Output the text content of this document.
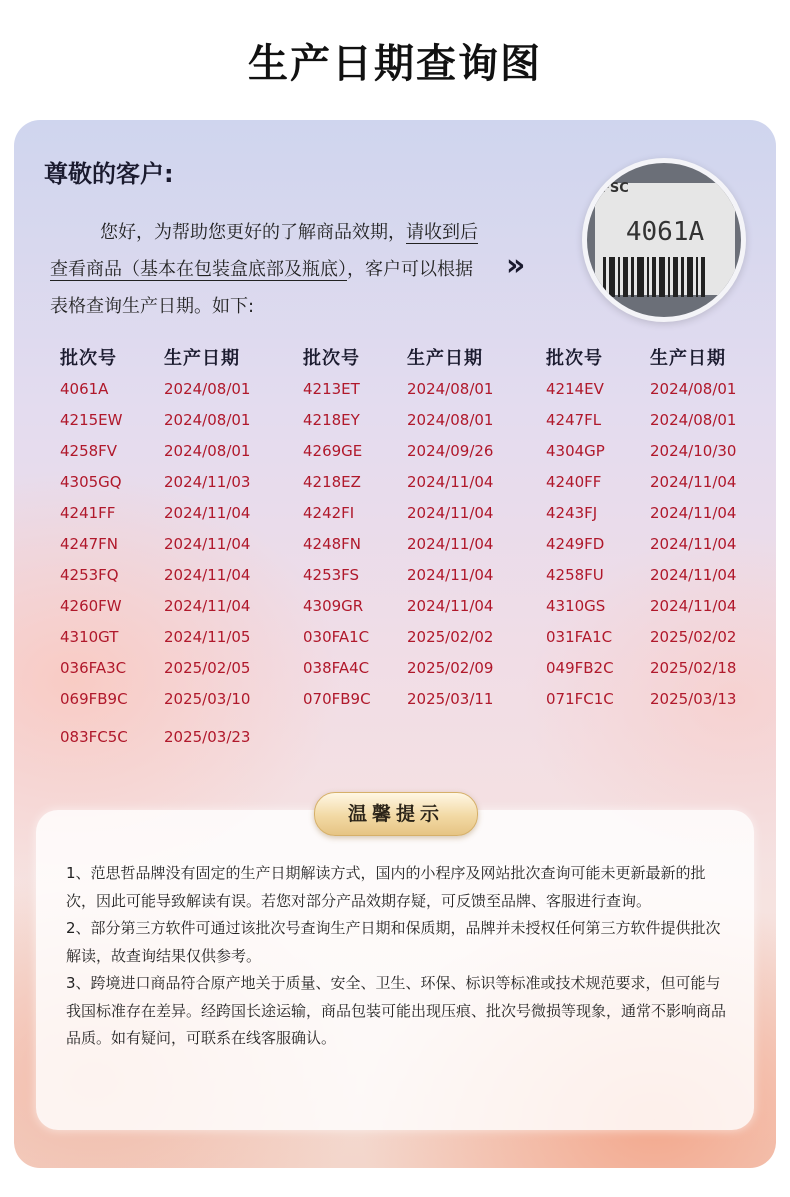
生产日期查询图
尊敬的客户:
您好，为帮助您更好的了解商品效期，请收到后查看商品（基本在包装盒底部及瓶底），客户可以根据表格查询生产日期。如下:
»
FSC
4061A
批次号
4061A
4215EW
4258FV
4305GQ
4241FF
4247FN
4253FQ
4260FW
4310GT
036FA3C
069FB9C
083FC5C
生产日期
2024/08/01
2024/08/01
2024/08/01
2024/11/03
2024/11/04
2024/11/04
2024/11/04
2024/11/04
2024/11/05
2025/02/05
2025/03/10
2025/03/23
批次号
4213ET
4218EY
4269GE
4218EZ
4242FI
4248FN
4253FS
4309GR
030FA1C
038FA4C
070FB9C
生产日期
2024/08/01
2024/08/01
2024/09/26
2024/11/04
2024/11/04
2024/11/04
2024/11/04
2024/11/04
2025/02/02
2025/02/09
2025/03/11
批次号
4214EV
4247FL
4304GP
4240FF
4243FJ
4249FD
4258FU
4310GS
031FA1C
049FB2C
071FC1C
生产日期
2024/08/01
2024/08/01
2024/10/30
2024/11/04
2024/11/04
2024/11/04
2024/11/04
2024/11/04
2025/02/02
2025/02/18
2025/03/13
温馨提示

1、范思哲品牌没有固定的生产日期解读方式，国内的小程序及网站批次查询可能未更新最新的批次，因此可能导致解读有误。若您对部分产品效期存疑，可反馈至品牌、客服进行查询。

2、部分第三方软件可通过该批次号查询生产日期和保质期，品牌并未授权任何第三方软件提供批次解读，故查询结果仅供参考。

3、跨境进口商品符合原产地关于质量、安全、卫生、环保、标识等标准或技术规范要求，但可能与我国标准存在差异。经跨国长途运输，商品包装可能出现压痕、批次号微损等现象，通常不影响商品品质。如有疑问，可联系在线客服确认。
